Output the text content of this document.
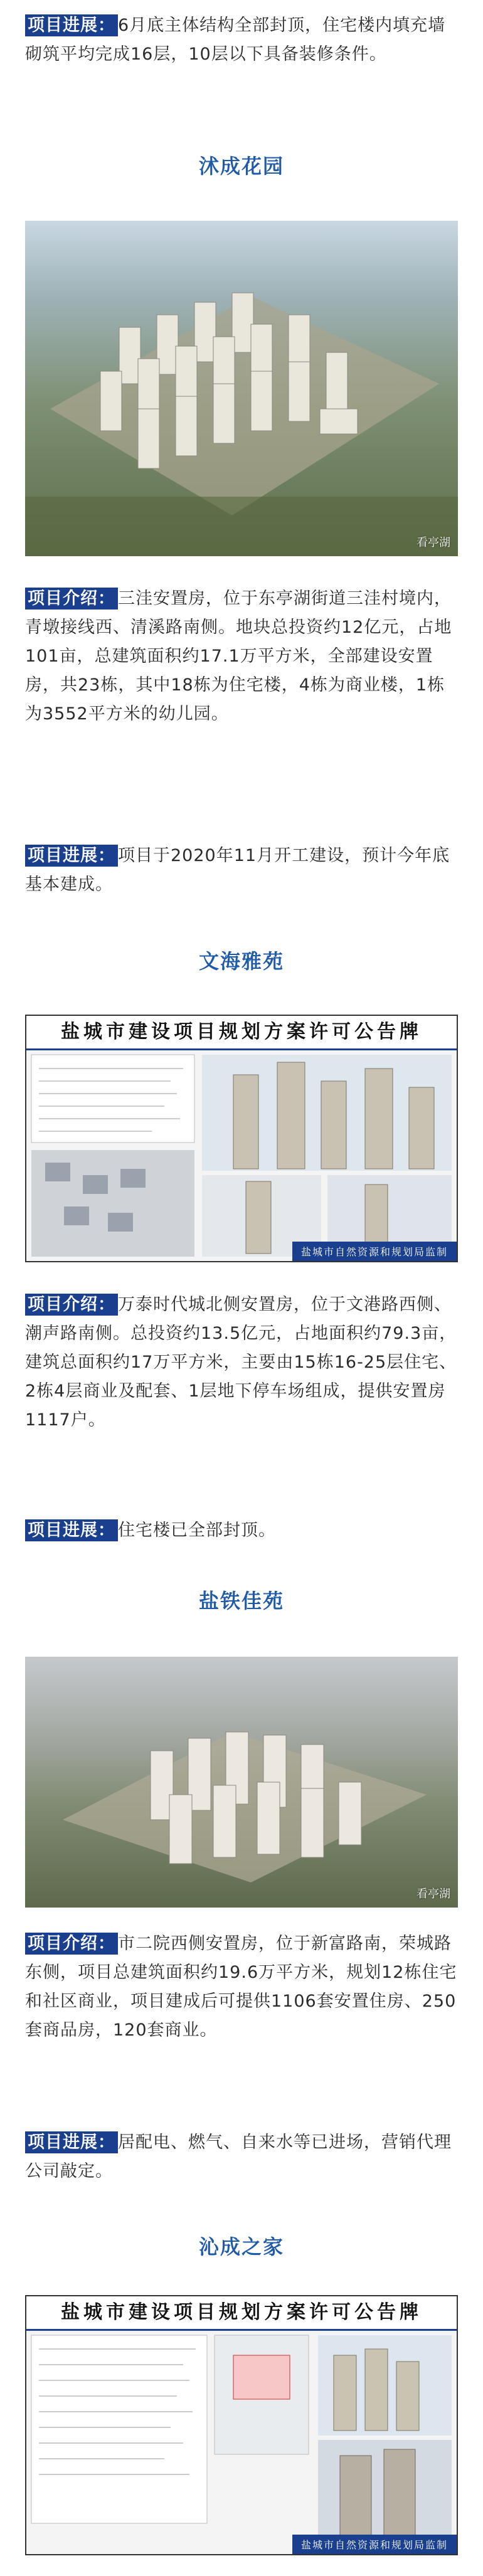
项目进展： 6月底主体结构全部封顶，住宅楼内填充墙砌筑平均完成16层，10层以下具备装修条件。
沭成花园
看亭湖
项目介绍： 三洼安置房，位于东亭湖街道三洼村境内，青墩接线西、清溪路南侧。地块总投资约12亿元，占地101亩，总建筑面积约17.1万平方米，全部建设安置房，共23栋，其中18栋为住宅楼，4栋为商业楼，1栋为3552平方米的幼儿园。
项目进展： 项目于2020年11月开工建设，预计今年底基本建成。
文海雅苑
盐城市建设项目规划方案许可公告牌
盐城市自然资源和规划局监制
项目介绍： 万泰时代城北侧安置房，位于文港路西侧、潮声路南侧。总投资约13.5亿元，占地面积约79.3亩，建筑总面积约17万平方米，主要由15栋16-25层住宅、2栋4层商业及配套、1层地下停车场组成，提供安置房1117户。
项目进展： 住宅楼已全部封顶。
盐铁佳苑
看亭湖
项目介绍： 市二院西侧安置房，位于新富路南，荣城路东侧，项目总建筑面积约19.6万平方米，规划12栋住宅和社区商业，项目建成后可提供1106套安置住房、250套商品房，120套商业。
项目进展： 居配电、燃气、自来水等已进场，营销代理公司敲定。
沁成之家
盐城市建设项目规划方案许可公告牌
盐城市自然资源和规划局监制
